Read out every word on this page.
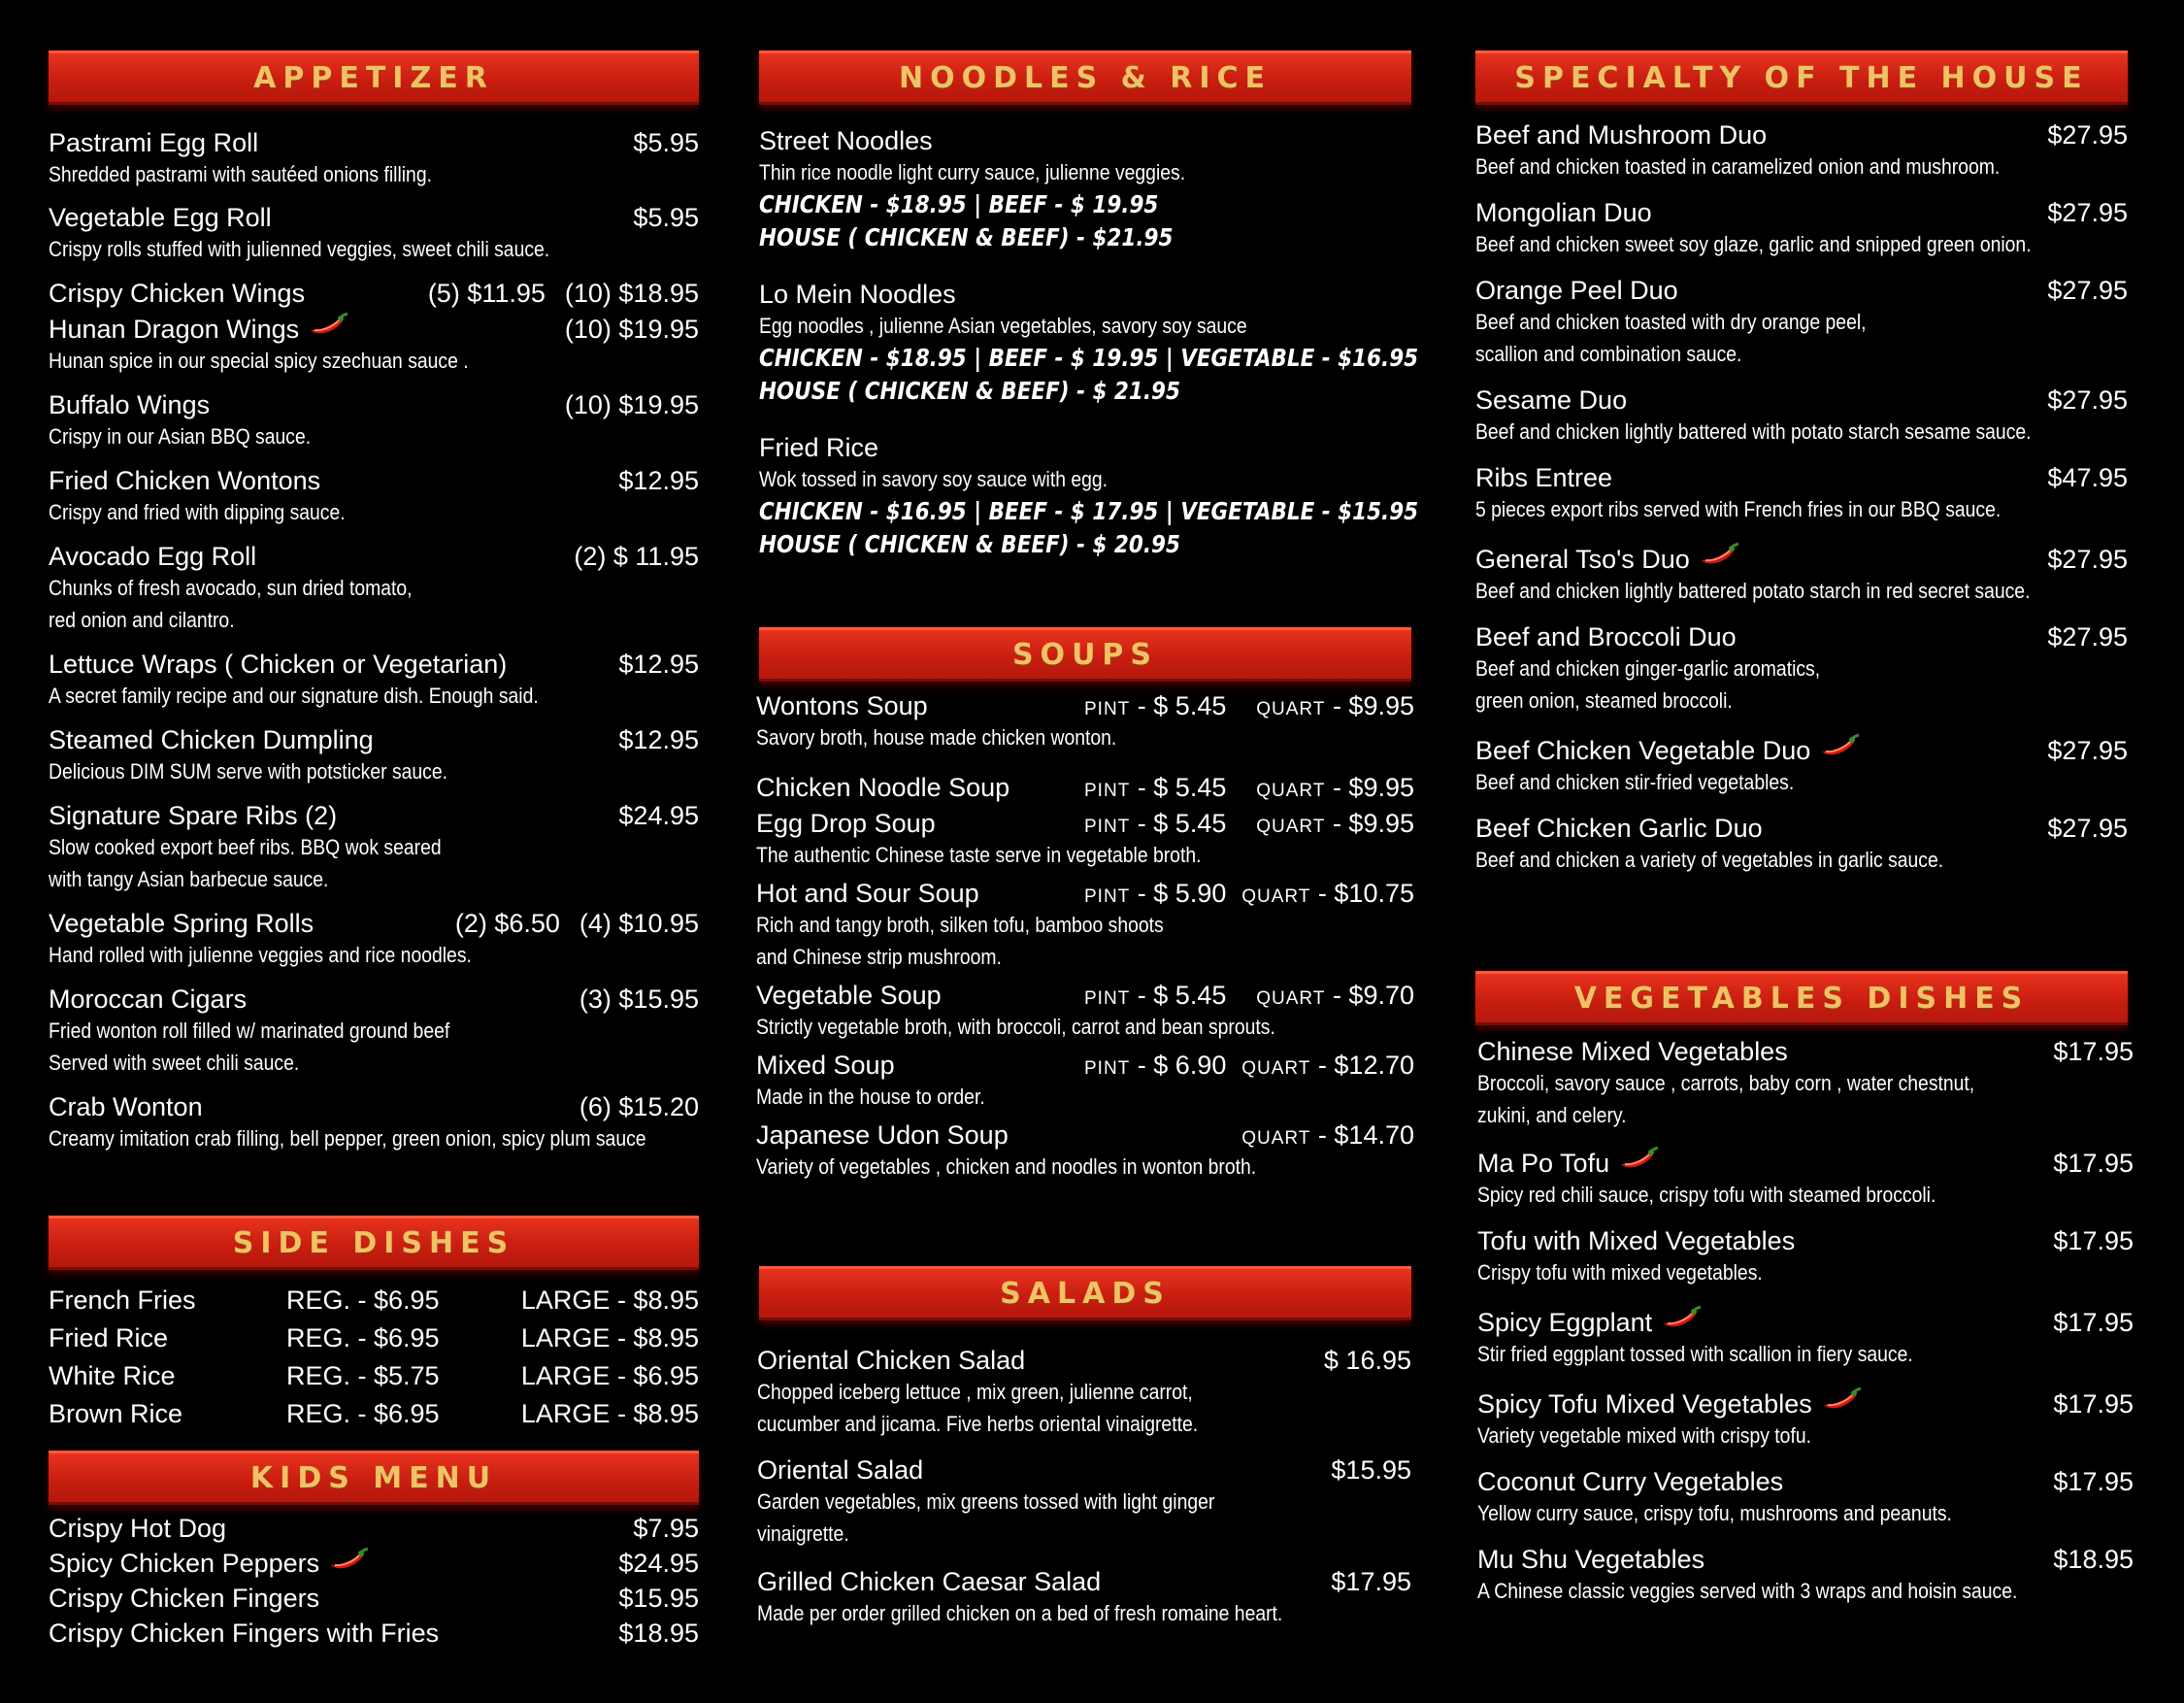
APPETIZER
Pastrami Egg Roll	$5.95
Shredded pastrami with sautéed onions filling.
Vegetable Egg Roll	$5.95
Crispy rolls stuffed with julienned veggies, sweet chili sauce.
Crispy Chicken Wings	(5) $11.95 (10) $18.95
Hunan Dragon Wings	(10) $19.95
Hunan spice in our special spicy szechuan sauce .
Buffalo Wings	(10) $19.95
Crispy in our Asian BBQ sauce.
Fried Chicken Wontons	$12.95
Crispy and fried with dipping sauce.
Avocado Egg Roll	(2) $ 11.95
Chunks of fresh avocado, sun dried tomato,
red onion and cilantro.
Lettuce Wraps ( Chicken or Vegetarian)	$12.95
A secret family recipe and our signature dish. Enough said.
Steamed Chicken Dumpling	$12.95
Delicious DIM SUM serve with potsticker sauce.
Signature Spare Ribs (2)	$24.95
Slow cooked export beef ribs. BBQ wok seared
with tangy Asian barbecue sauce.
Vegetable Spring Rolls	(2) $6.50 (4) $10.95
Hand rolled with julienne veggies and rice noodles.
Moroccan Cigars	(3) $15.95
Fried wonton roll filled w/ marinated ground beef
Served with sweet chili sauce.
Crab Wonton	(6) $15.20
Creamy imitation crab filling, bell pepper, green onion, spicy plum sauce
SIDE DISHES
French Fries	REG. - $6.95	LARGE - $8.95
Fried Rice	REG. - $6.95	LARGE - $8.95
White Rice	REG. - $5.75	LARGE - $6.95
Brown Rice	REG. - $6.95	LARGE - $8.95
KIDS MENU
Crispy Hot Dog	$7.95
Spicy Chicken Peppers	$24.95
Crispy Chicken Fingers	$15.95
Crispy Chicken Fingers with Fries	$18.95
NOODLES & RICE
Street Noodles
Thin rice noodle light curry sauce, julienne veggies.
CHICKEN - $18.95 | BEEF - $ 19.95
HOUSE ( CHICKEN & BEEF) - $21.95
Lo Mein Noodles
Egg noodles , julienne Asian vegetables, savory soy sauce
CHICKEN - $18.95 | BEEF - $ 19.95 | VEGETABLE - $16.95
HOUSE ( CHICKEN & BEEF) - $ 21.95
Fried Rice
Wok tossed in savory soy sauce with egg.
CHICKEN - $16.95 | BEEF - $ 17.95 | VEGETABLE - $15.95
HOUSE ( CHICKEN & BEEF) - $ 20.95
SOUPS
Wontons Soup	PINT - $ 5.45	QUART - $9.95
Savory broth, house made chicken wonton.
Chicken Noodle Soup	PINT - $ 5.45	QUART - $9.95
Egg Drop Soup	PINT - $ 5.45	QUART - $9.95
The authentic Chinese taste serve in vegetable broth.
Hot and Sour Soup	PINT - $ 5.90 QUART - $10.75
Rich and tangy broth, silken tofu, bamboo shoots
and Chinese strip mushroom.
Vegetable Soup	PINT - $ 5.45	QUART - $9.70
Strictly vegetable broth, with broccoli, carrot and bean sprouts.
Mixed Soup	PINT - $ 6.90 QUART - $12.70
Made in the house to order.
Japanese Udon Soup	QUART - $14.70
Variety of vegetables , chicken and noodles in wonton broth.
SALADS
Oriental Chicken Salad	$ 16.95
Chopped iceberg lettuce , mix green, julienne carrot,
cucumber and jicama. Five herbs oriental vinaigrette.
Oriental Salad	$15.95
Garden vegetables, mix greens tossed with light ginger
vinaigrette.
Grilled Chicken Caesar Salad	$17.95
Made per order grilled chicken on a bed of fresh romaine heart.
SPECIALTY OF THE HOUSE
Beef and Mushroom Duo	$27.95
Beef and chicken toasted in caramelized onion and mushroom.
Mongolian Duo	$27.95
Beef and chicken sweet soy glaze, garlic and snipped green onion.
Orange Peel Duo	$27.95
Beef and chicken toasted with dry orange peel,
scallion and combination sauce.
Sesame Duo	$27.95
Beef and chicken lightly battered with potato starch sesame sauce.
Ribs Entree	$47.95
5 pieces export ribs served with French fries in our BBQ sauce.
General Tso's Duo	$27.95
Beef and chicken lightly battered potato starch in red secret sauce.
Beef and Broccoli Duo	$27.95
Beef and chicken ginger-garlic aromatics,
green onion, steamed broccoli.
Beef Chicken Vegetable Duo	$27.95
Beef and chicken stir-fried vegetables.
Beef Chicken Garlic Duo	$27.95
Beef and chicken a variety of vegetables in garlic sauce.
VEGETABLES DISHES
Chinese Mixed Vegetables	$17.95
Broccoli, savory sauce , carrots, baby corn , water chestnut,
zukini, and celery.
Ma Po Tofu	$17.95
Spicy red chili sauce, crispy tofu with steamed broccoli.
Tofu with Mixed Vegetables	$17.95
Crispy tofu with mixed vegetables.
Spicy Eggplant	$17.95
Stir fried eggplant tossed with scallion in fiery sauce.
Spicy Tofu Mixed Vegetables	$17.95
Variety vegetable mixed with crispy tofu.
Coconut Curry Vegetables	$17.95
Yellow curry sauce, crispy tofu, mushrooms and peanuts.
Mu Shu Vegetables	$18.95
A Chinese classic veggies served with 3 wraps and hoisin sauce.
